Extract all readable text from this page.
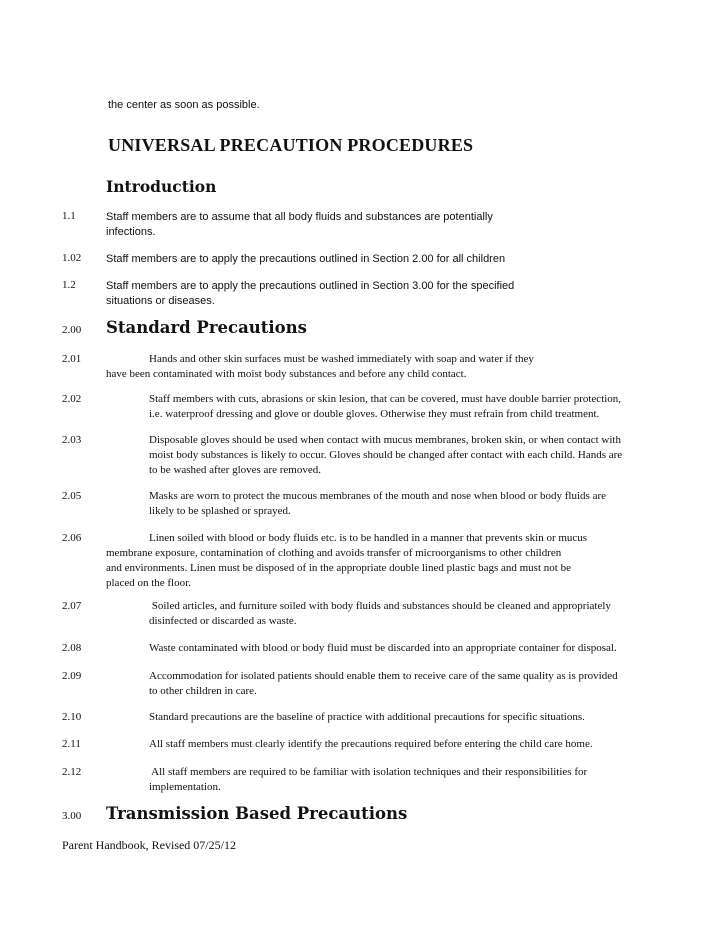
the center as soon as possible.
UNIVERSAL PRECAUTION PROCEDURES
Introduction
1.1	Staff members are to assume that all body fluids and substances are potentially
infections.
1.02 Staff members are to apply the precautions outlined in Section 2.00 for all children
1.2	Staff members are to apply the precautions outlined in Section 3.00 for the specified
situations or diseases.
2.00 Standard Precautions
2.01	Hands and other skin surfaces must be washed immediately with soap and water if they
have been contaminated with moist body substances and before any child contact.
2.02	Staff members with cuts, abrasions or skin lesion, that can be covered, must have double barrier protection,
i.e. waterproof dressing and glove or double gloves. Otherwise they must refrain from child treatment.
2.03	Disposable gloves should be used when contact with mucus membranes, broken skin, or when contact with
moist body substances is likely to occur. Gloves should be changed after contact with each child. Hands are
to be washed after gloves are removed.
2.05	Masks are worn to protect the mucous membranes of the mouth and nose when blood or body fluids are
likely to be splashed or sprayed.
2.06	Linen soiled with blood or body fluids etc. is to be handled in a manner that prevents skin or mucus
membrane exposure, contamination of clothing and avoids transfer of microorganisms to other children
and environments. Linen must be disposed of in the appropriate double lined plastic bags and must not be
placed on the floor.
2.07	Soiled articles, and furniture soiled with body fluids and substances should be cleaned and appropriately
disinfected or discarded as waste.
2.08	Waste contaminated with blood or body fluid must be discarded into an appropriate container for disposal.
2.09	Accommodation for isolated patients should enable them to receive care of the same quality as is provided
to other children in care.
2.10	Standard precautions are the baseline of practice with additional precautions for specific situations.
2.11	All staff members must clearly identify the precautions required before entering the child care home.
2.12	All staff members are required to be familiar with isolation techniques and their responsibilities for
implementation.
3.00 Transmission Based Precautions
Parent Handbook, Revised 07/25/12
